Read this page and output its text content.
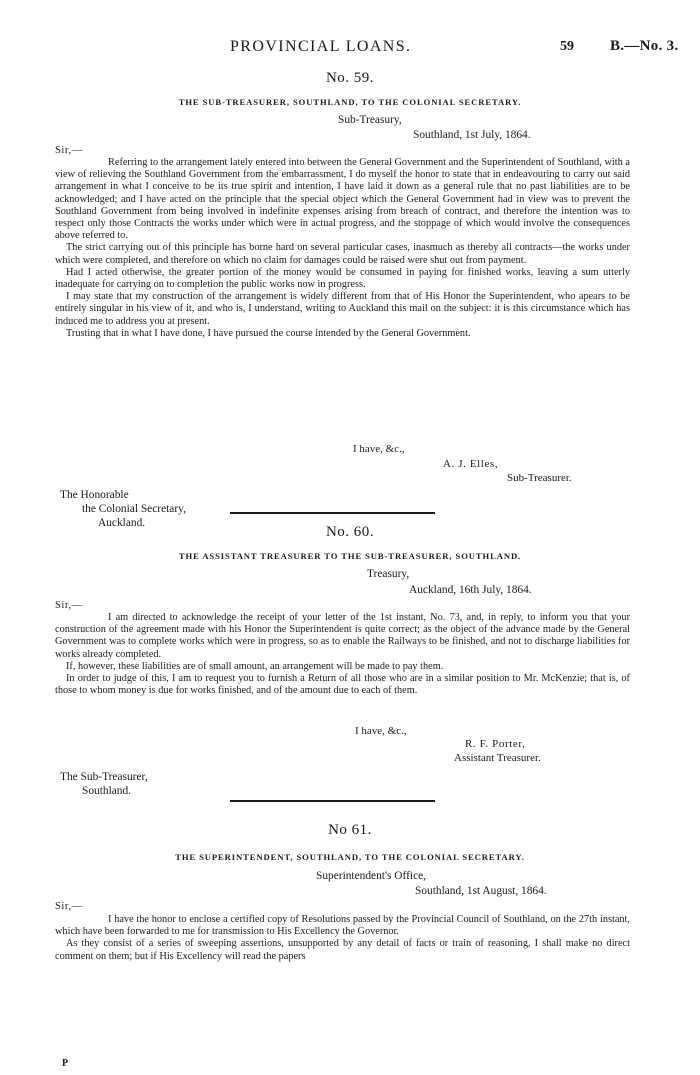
PROVINCIAL LOANS.	59 B.—No. 3.
No. 59.
THE SUB-TREASURER, SOUTHLAND, TO THE COLONIAL SECRETARY.
Sub-Treasury,
Southland, 1st July, 1864.
Sir,—

Referring to the arrangement lately entered into between the General Government and the Superintendent of Southland, with a view of relieving the Southland Government from the embarrassment, I do myself the honor to state that in endeavouring to carry out said arrangement in what I conceive to be its true spirit and intention, I have laid it down as a general rule that no past liabilities are to be acknowledged; and I have acted on the principle that the special object which the General Government had in view was to prevent the Southland Government from being involved in indefinite expenses arising from breach of contract, and therefore the intention was to respect only those Contracts the works under which were in actual progress, and the stoppage of which would involve the consequences above referred to.

The strict carrying out of this principle has borne hard on several particular cases, inasmuch as thereby all contracts—the works under which were completed, and therefore on which no claim for damages could be raised were shut out from payment.

Had I acted otherwise, the greater portion of the money would be consumed in paying for finished works, leaving a sum utterly inadequate for carrying on to completion the public works now in progress.

I may state that my construction of the arrangement is widely different from that of His Honor the Superintendent, who apears to be entirely singular in his view of it, and who is, I understand, writing to Auckland this mail on the subject: it is this circumstance which has induced me to address you at present.

Trusting that in what I have done, I have pursued the course intended by the General Government.

I have, &c.,
A. J. Elles,
Sub-Treasurer.
The Honorable
the Colonial Secretary,
Auckland.
No. 60.
THE ASSISTANT TREASURER TO THE SUB-TREASURER, SOUTHLAND.
Treasury,
Auckland, 16th July, 1864.
Sir,—

I am directed to acknowledge the receipt of your letter of the 1st instant, No. 73, and, in reply, to inform you that your construction of the agreement made with his Honor the Superintendent is quite correct; as the object of the advance made by the General Government was to complete works which were in progress, so as to enable the Railways to be finished, and not to discharge liabilities for works already completed.

If, however, these liabilities are of small amount, an arrangement will be made to pay them.

In order to judge of this, I am to request you to furnish a Return of all those who are in a similar position to Mr. McKenzie; that is, of those to whom money is due for works finished, and of the amount due to each of them.

I have, &c.,
R. F. Porter,
Assistant Treasurer.
The Sub-Treasurer,
Southland.
No 61.
THE SUPERINTENDENT, SOUTHLAND, TO THE COLONIAL SECRETARY.
Superintendent's Office,
Southland, 1st August, 1864.
Sir,—

I have the honor to enclose a certified copy of Resolutions passed by the Provincial Council of Southland, on the 27th instant, which have been forwarded to me for transmission to His Excellency the Governor.

As they consist of a series of sweeping assertions, unsupported by any detail of facts or train of reasoning, I shall make no direct comment on them; but if His Excellency will read the papers

P
